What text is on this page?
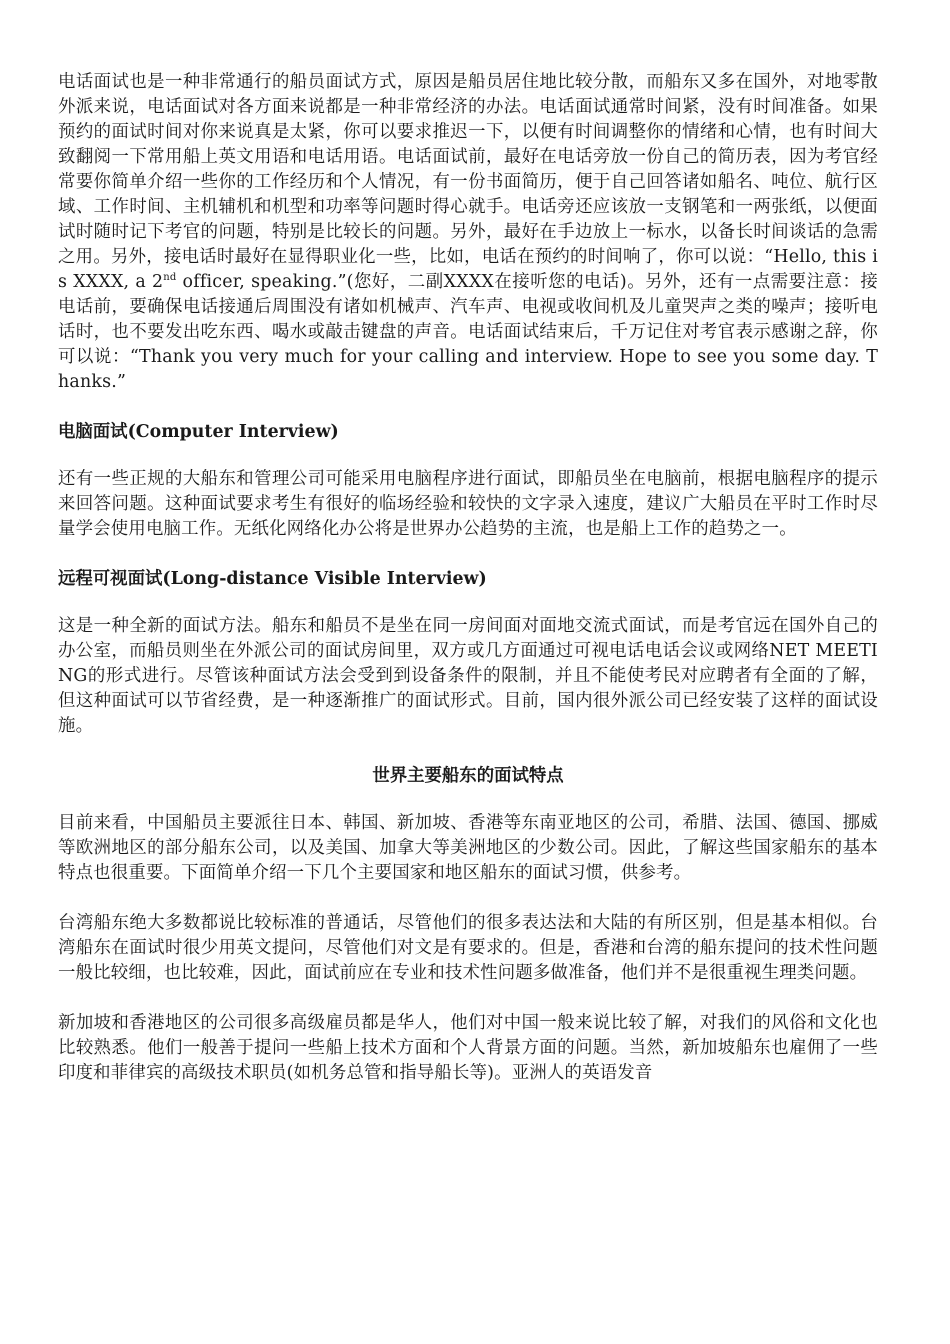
电话面试也是一种非常通行的船员面试方式，原因是船员居住地比较分散，而船东又多在国外，对地零散外派来说，电话面试对各方面来说都是一种非常经济的办法。电话面试通常时间紧，没有时间准备。如果预约的面试时间对你来说真是太紧，你可以要求推迟一下，以便有时间调整你的情绪和心情，也有时间大致翻阅一下常用船上英文用语和电话用语。电话面试前，最好在电话旁放一份自己的简历表，因为考官经常要你简单介绍一些你的工作经历和个人情况，有一份书面简历，便于自己回答诸如船名、吨位、航行区域、工作时间、主机辅机和机型和功率等问题时得心就手。电话旁还应该放一支钢笔和一两张纸，以便面试时随时记下考官的问题，特别是比较长的问题。另外，最好在手边放上一标水，以备长时间谈话的急需之用。另外，接电话时最好在显得职业化一些，比如，电话在预约的时间响了，你可以说：“Hello, this is XXXX, a 2nd officer, speaking.”(您好，二副XXXX在接听您的电话)。另外，还有一点需要注意：接电话前，要确保电话接通后周围没有诸如机械声、汽车声、电视或收间机及儿童哭声之类的噪声；接听电话时，也不要发出吃东西、喝水或敲击键盘的声音。电话面试结束后，千万记住对考官表示感谢之辞，你可以说：“Thank you very much for your calling and interview. Hope to see you some day. Thanks.”

电脑面试(Computer Interview)

还有一些正规的大船东和管理公司可能采用电脑程序进行面试，即船员坐在电脑前，根据电脑程序的提示来回答问题。这种面试要求考生有很好的临场经验和较快的文字录入速度，建议广大船员在平时工作时尽量学会使用电脑工作。无纸化网络化办公将是世界办公趋势的主流，也是船上工作的趋势之一。

远程可视面试(Long-distance Visible Interview)

这是一种全新的面试方法。船东和船员不是坐在同一房间面对面地交流式面试，而是考官远在国外自己的办公室，而船员则坐在外派公司的面试房间里，双方或几方面通过可视电话电话会议或网络NET MEETING的形式进行。尽管该种面试方法会受到到设备条件的限制，并且不能使考民对应聘者有全面的了解，但这种面试可以节省经费，是一种逐渐推广的面试形式。目前，国内很外派公司已经安装了这样的面试设施。

世界主要船东的面试特点

目前来看，中国船员主要派往日本、韩国、新加坡、香港等东南亚地区的公司，希腊、法国、德国、挪威等欧洲地区的部分船东公司，以及美国、加拿大等美洲地区的少数公司。因此，了解这些国家船东的基本特点也很重要。下面简单介绍一下几个主要国家和地区船东的面试习惯，供参考。

台湾船东绝大多数都说比较标准的普通话，尽管他们的很多表达法和大陆的有所区别，但是基本相似。台湾船东在面试时很少用英文提问，尽管他们对文是有要求的。但是，香港和台湾的船东提问的技术性问题一般比较细，也比较难，因此，面试前应在专业和技术性问题多做准备，他们并不是很重视生理类问题。

新加坡和香港地区的公司很多高级雇员都是华人，他们对中国一般来说比较了解，对我们的风俗和文化也比较熟悉。他们一般善于提问一些船上技术方面和个人背景方面的问题。当然，新加坡船东也雇佣了一些印度和菲律宾的高级技术职员(如机务总管和指导船长等)。亚洲人的英语发音
